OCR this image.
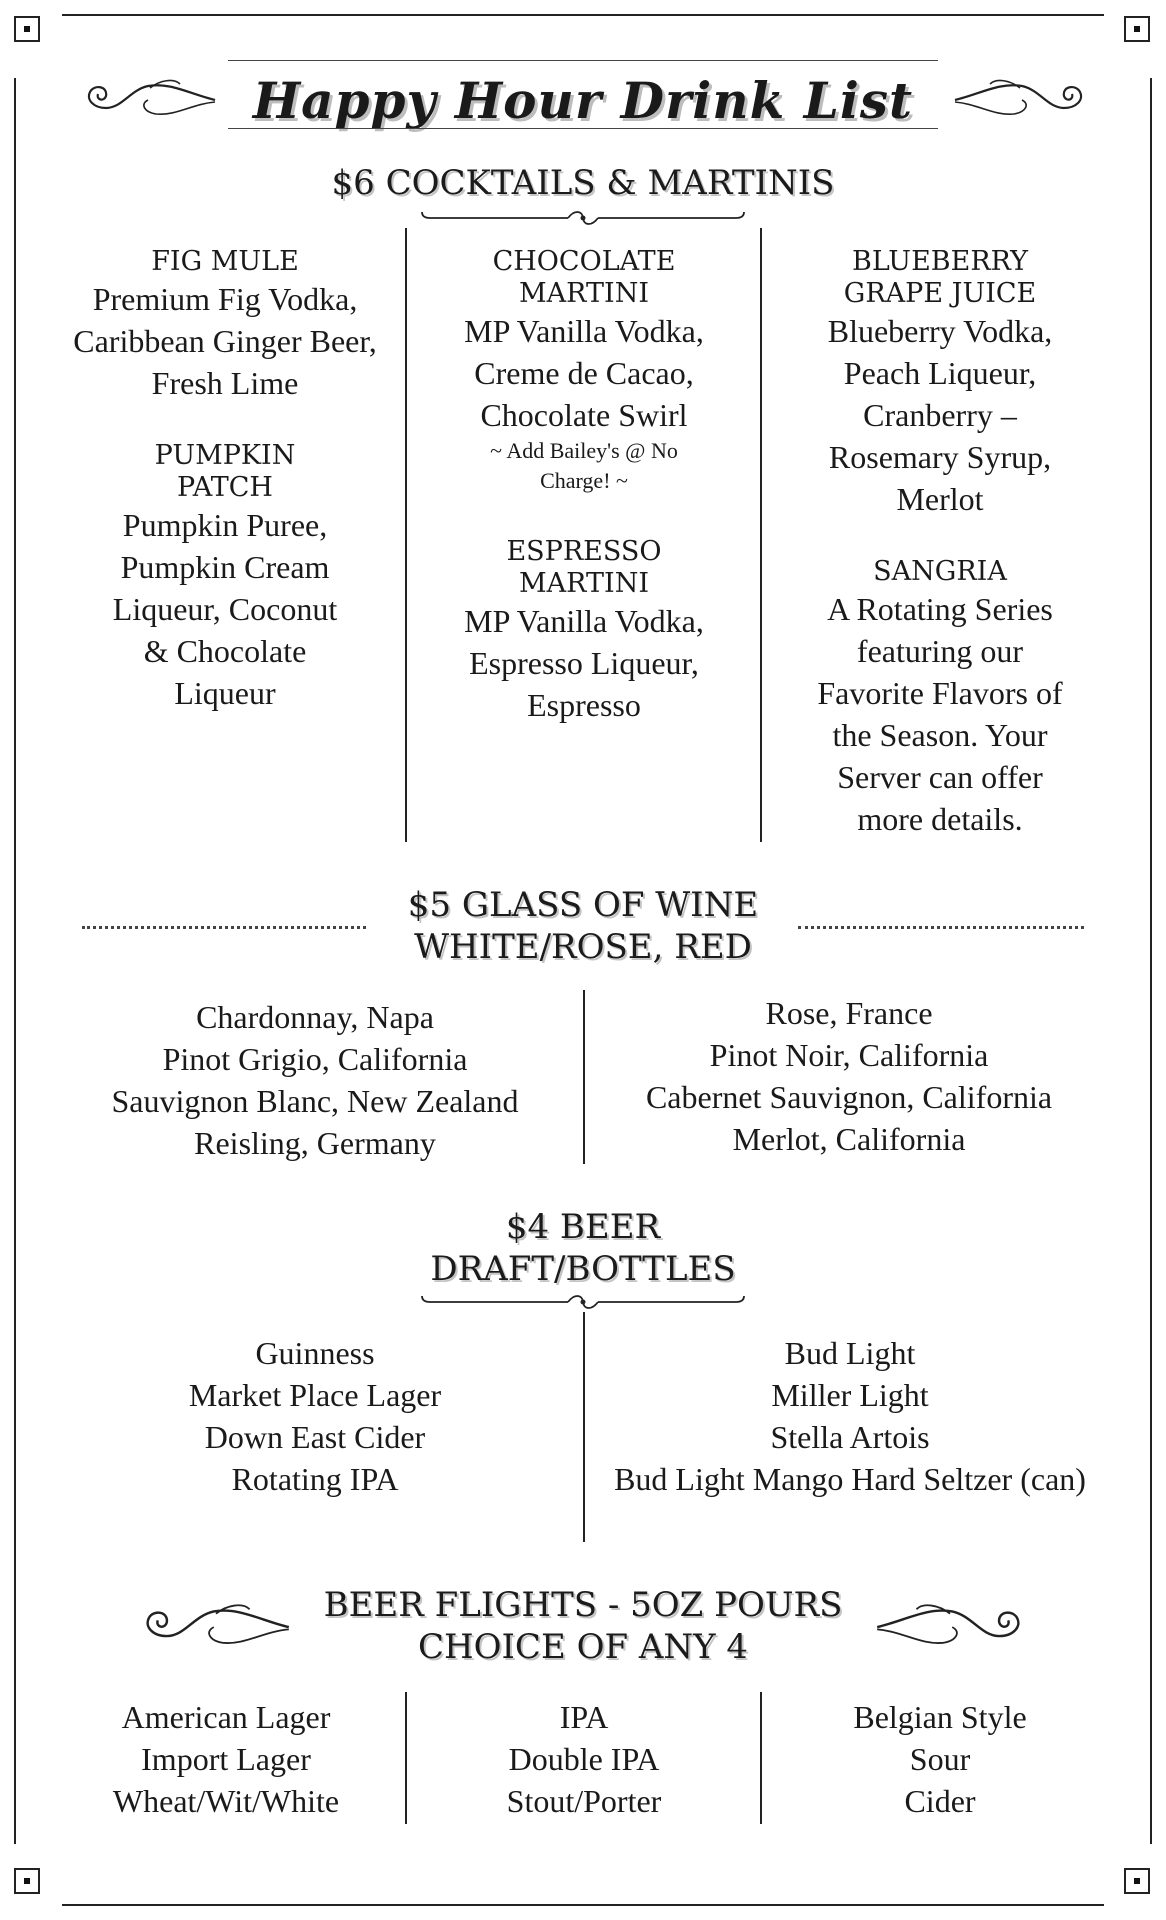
Happy Hour Drink List
$6 COCKTAILS & MARTINIS
FIG MULE
Premium Fig Vodka,
Caribbean Ginger Beer,
Fresh Lime
PUMPKIN
PATCH
Pumpkin Puree,
Pumpkin Cream
Liqueur, Coconut
& Chocolate
Liqueur
CHOCOLATE
MARTINI
MP Vanilla Vodka,
Creme de Cacao,
Chocolate Swirl
~ Add Bailey's @ No
Charge! ~
ESPRESSO
MARTINI
MP Vanilla Vodka,
Espresso Liqueur,
Espresso
BLUEBERRY
GRAPE JUICE
Blueberry Vodka,
Peach Liqueur,
Cranberry –
Rosemary Syrup,
Merlot
SANGRIA
A Rotating Series
featuring our
Favorite Flavors of
the Season. Your
Server can offer
more details.
$5 GLASS OF WINE
WHITE/ROSE, RED
Chardonnay, Napa
Pinot Grigio, California
Sauvignon Blanc, New Zealand
Reisling, Germany
Rose, France
Pinot Noir, California
Cabernet Sauvignon, California
Merlot, California
$4 BEER
DRAFT/BOTTLES
Guinness
Market Place Lager
Down East Cider
Rotating IPA
Bud Light
Miller Light
Stella Artois
Bud Light Mango Hard Seltzer (can)
BEER FLIGHTS - 5OZ POURS
CHOICE OF ANY 4
American Lager
Import Lager
Wheat/Wit/White
IPA
Double IPA
Stout/Porter
Belgian Style
Sour
Cider
